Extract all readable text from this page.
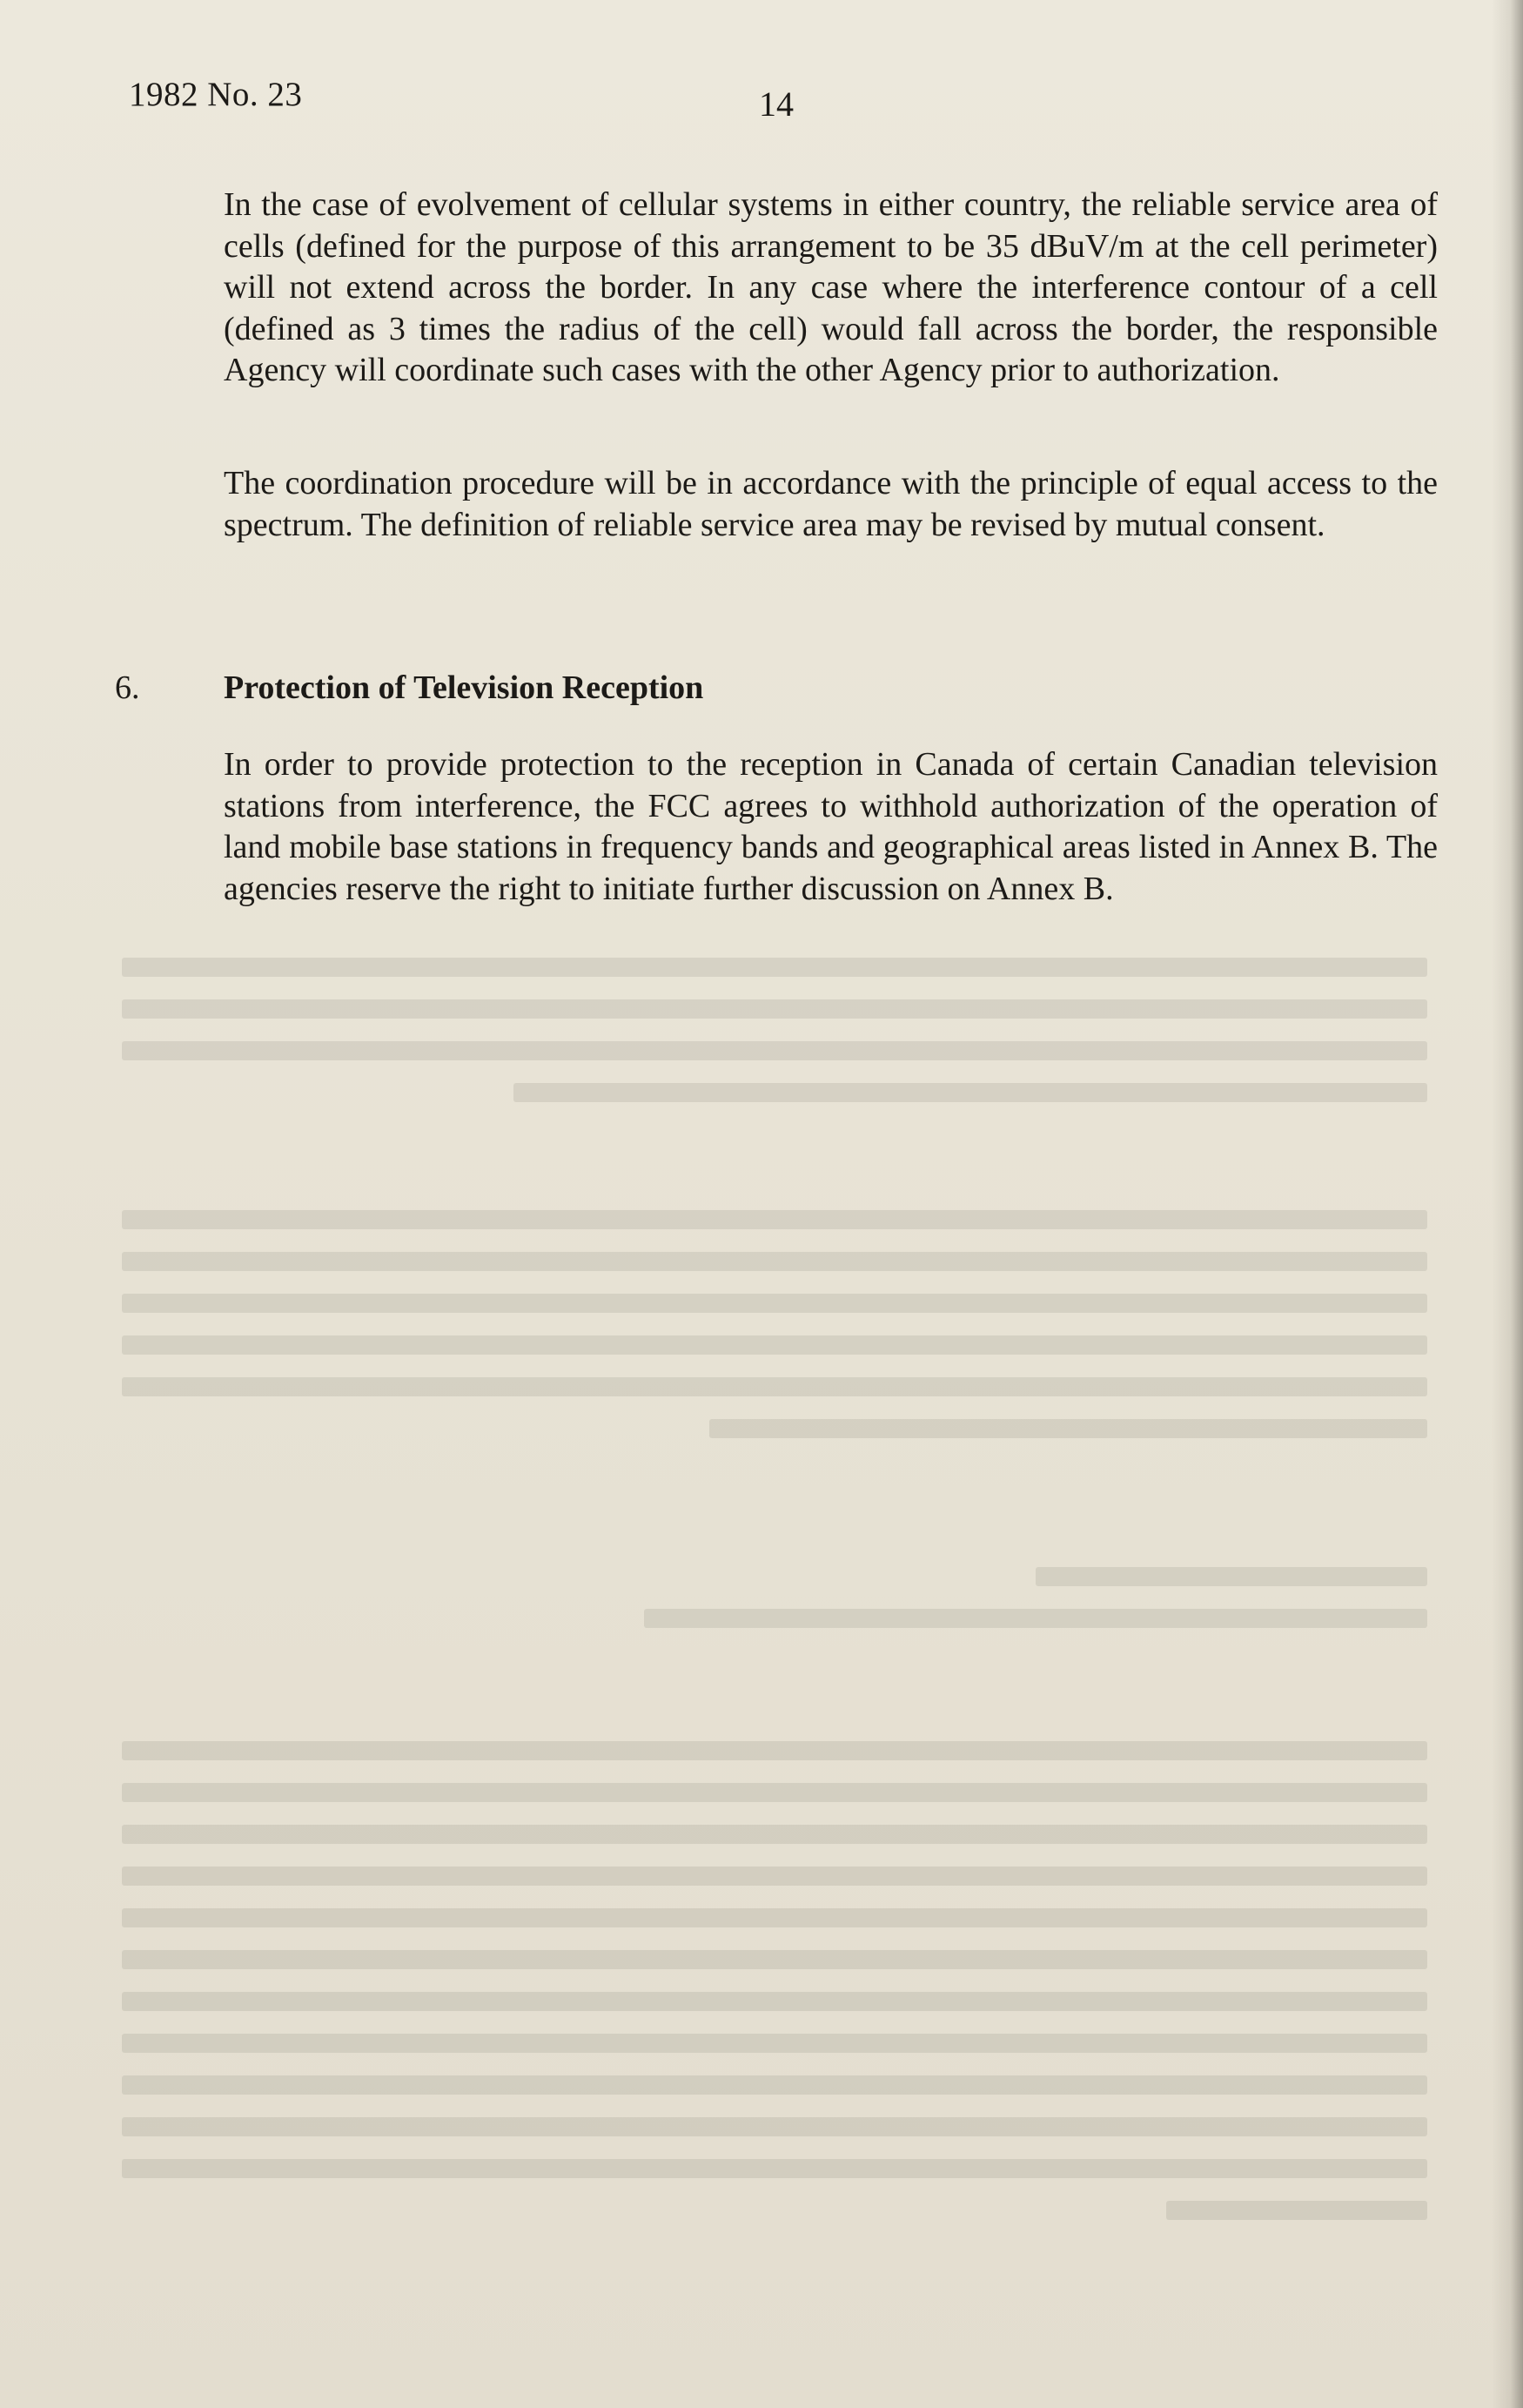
1982 No. 23	14

In the case of evolvement of cellular systems in either country, the reliable service area of cells (defined for the purpose of this arrangement to be 35 dBuV/m at the cell perimeter) will not extend across the border. In any case where the interference contour of a cell (defined as 3 times the radius of the cell) would fall across the border, the responsible Agency will coordinate such cases with the other Agency prior to authorization.

The coordination procedure will be in accordance with the principle of equal access to the spectrum. The definition of reliable service area may be revised by mutual consent.

6.	Protection of Television Reception

In order to provide protection to the reception in Canada of certain Canadian television stations from interference, the FCC agrees to withhold authorization of the operation of land mobile base stations in frequency bands and geographical areas listed in Annex B. The agencies reserve the right to initiate further discussion on Annex B.
